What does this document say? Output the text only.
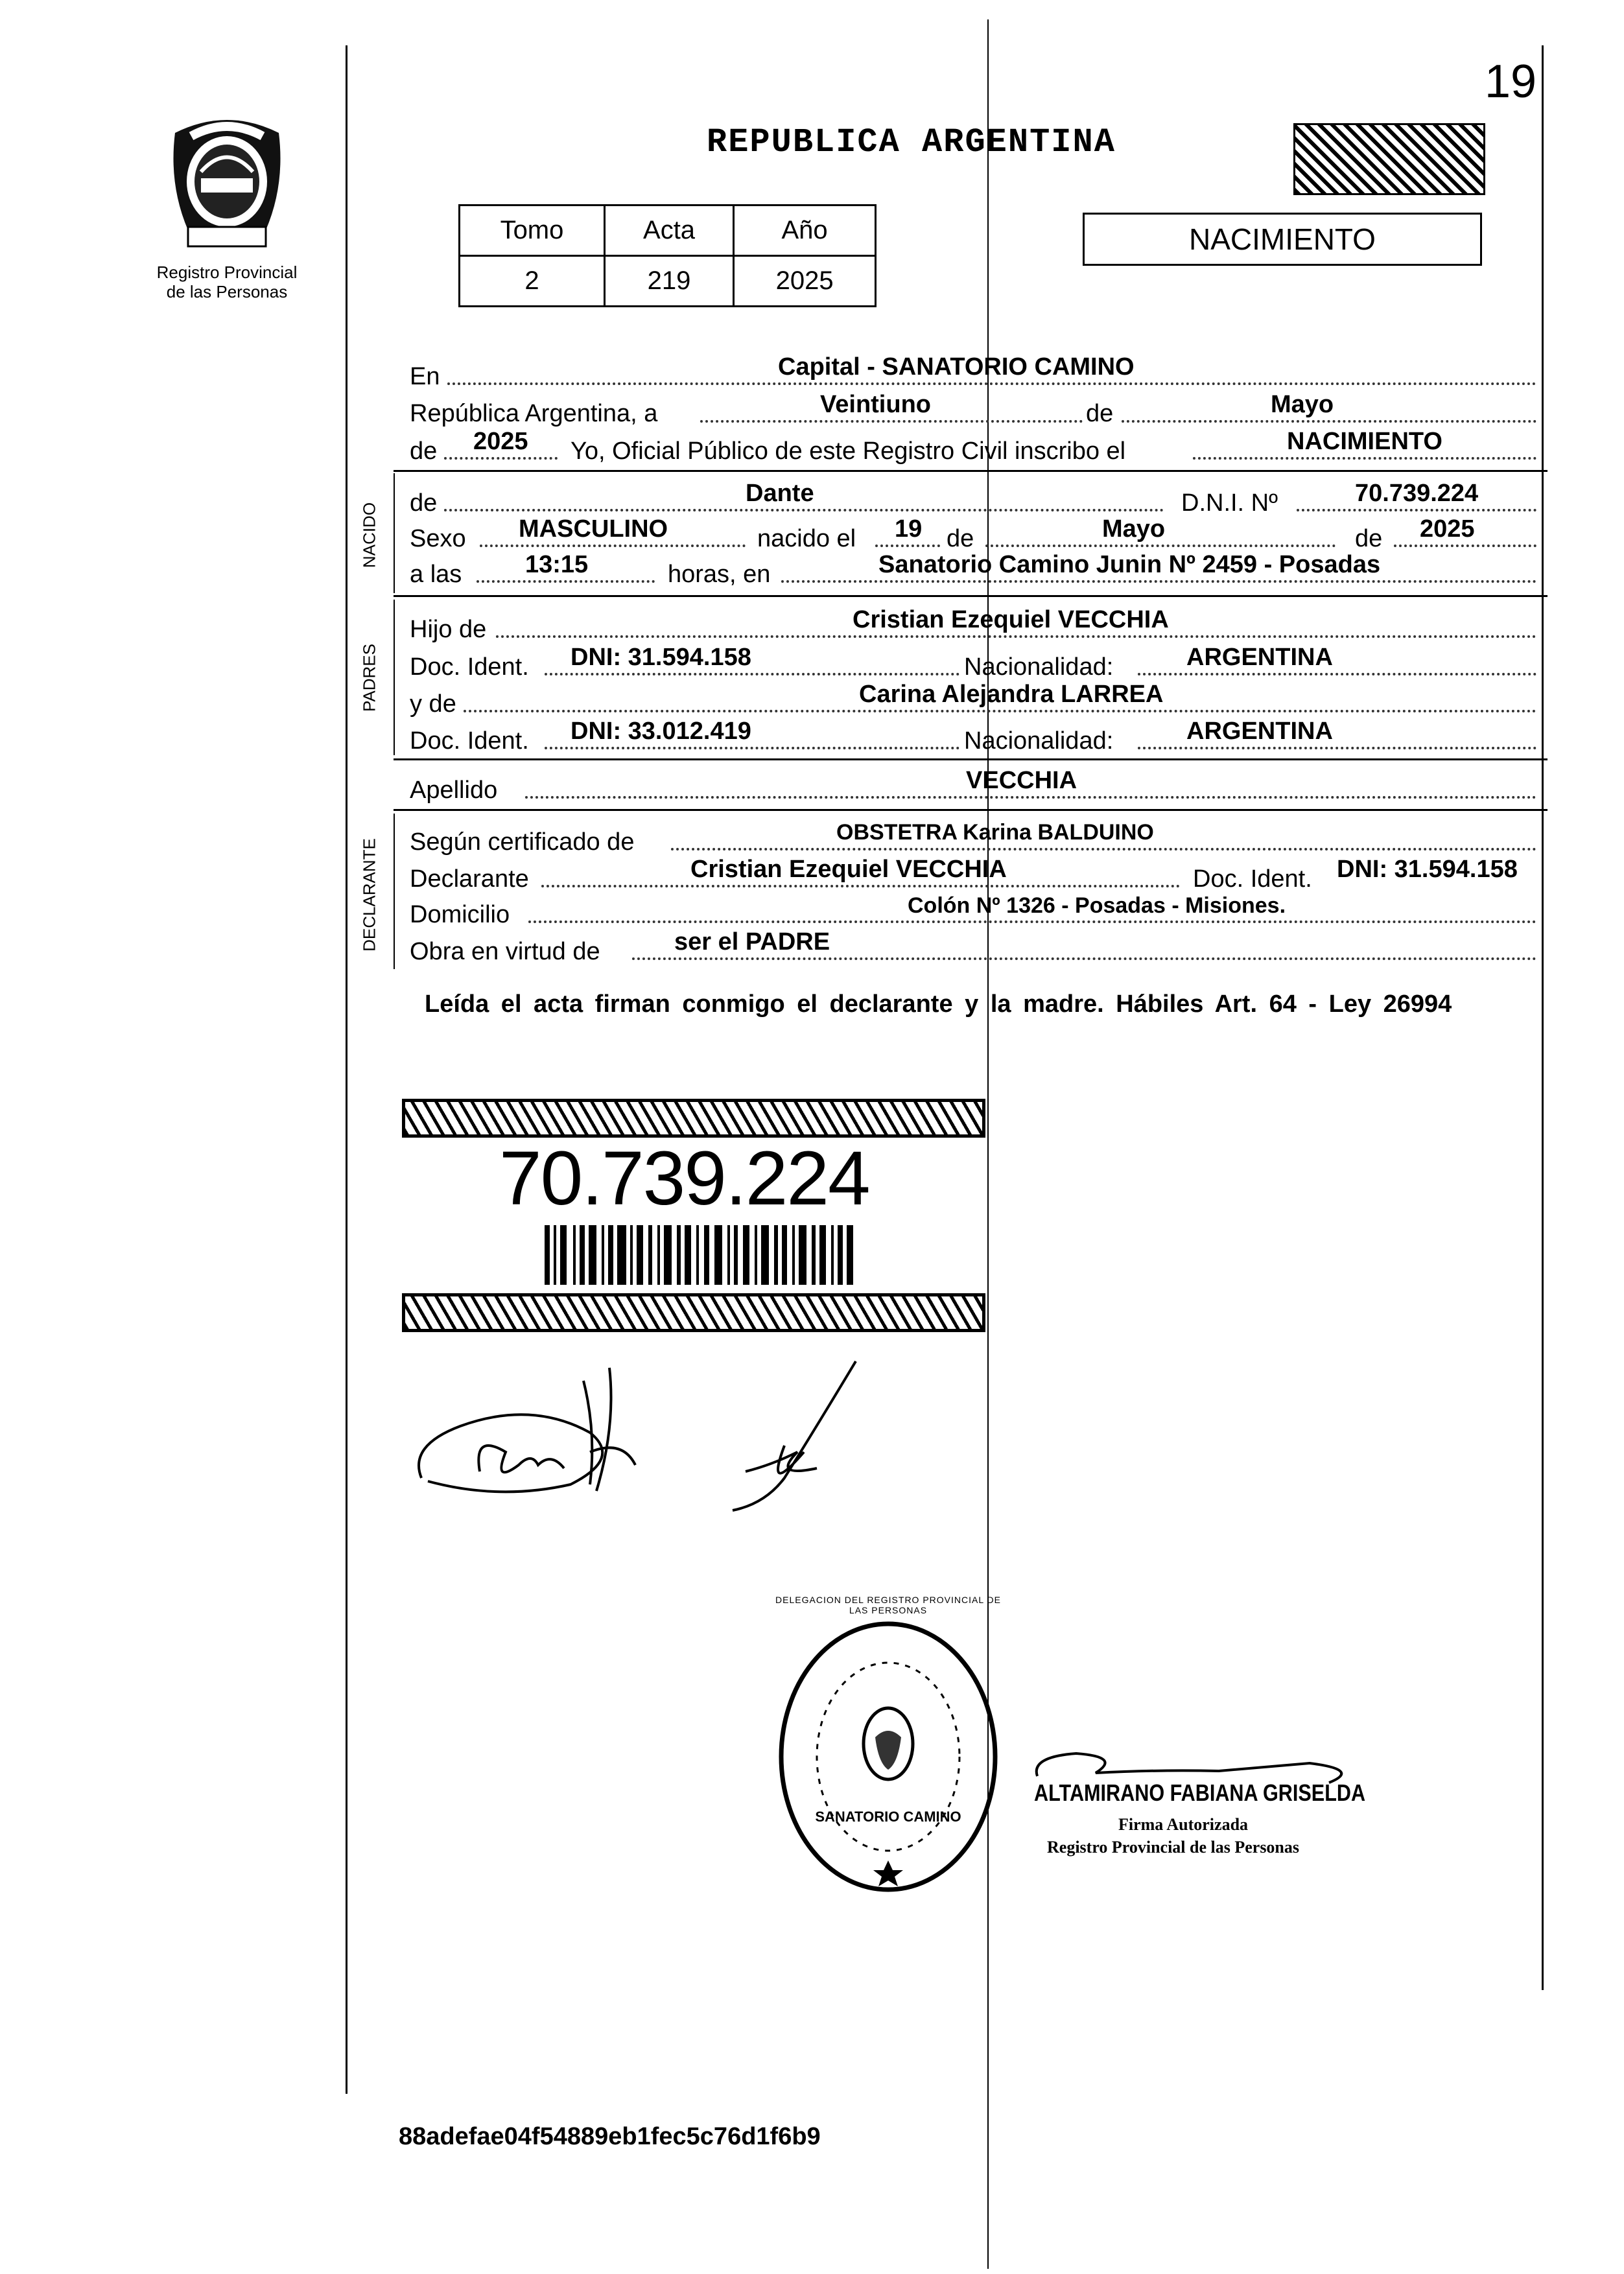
19
Registro Provincial
de las Personas
REPUBLICA ARGENTINA
Tomo	Acta	Año
2	219	2025
NACIMIENTO
En	Capital - SANATORIO CAMINO
República Argentina, a	Veintiuno	de	Mayo
de 2025 Yo, Oficial Público de este Registro Civil inscribo el	NACIMIENTO
NACIDO de	Dante	D.N.I. Nº	70.739.224
Sexo MASCULINO	nacido el 19 de	Mayo	de 2025
a las	13:15	horas, en	Sanatorio Camino Junin Nº 2459 - Posadas
PADRES
Hijo de	Cristian Ezequiel VECCHIA
Doc. Ident. DNI: 31.594.158	Nacionalidad:	ARGENTINA
y de	Carina Alejandra LARREA
Doc. Ident. DNI: 33.012.419	Nacionalidad:	ARGENTINA
Apellido	VECCHIA
DECLARANTE Según certificado de	OBSTETRA Karina BALDUINO
Declarante	Cristian Ezequiel VECCHIA	Doc. Ident. DNI: 31.594.158
Domicilio	Colón Nº 1326 - Posadas - Misiones.
Obra en virtud de	ser el PADRE
Leída el acta firman conmigo el declarante y la madre. Hábiles Art. 64 - Ley 26994
70.739.224
DELEGACION DEL REGISTRO PROVINCIAL DE LAS PERSONAS
SANATORIO CAMINO
ALTAMIRANO FABIANA GRISELDA
Firma Autorizada
Registro Provincial de las Personas
88adefae04f54889eb1fec5c76d1f6b9
